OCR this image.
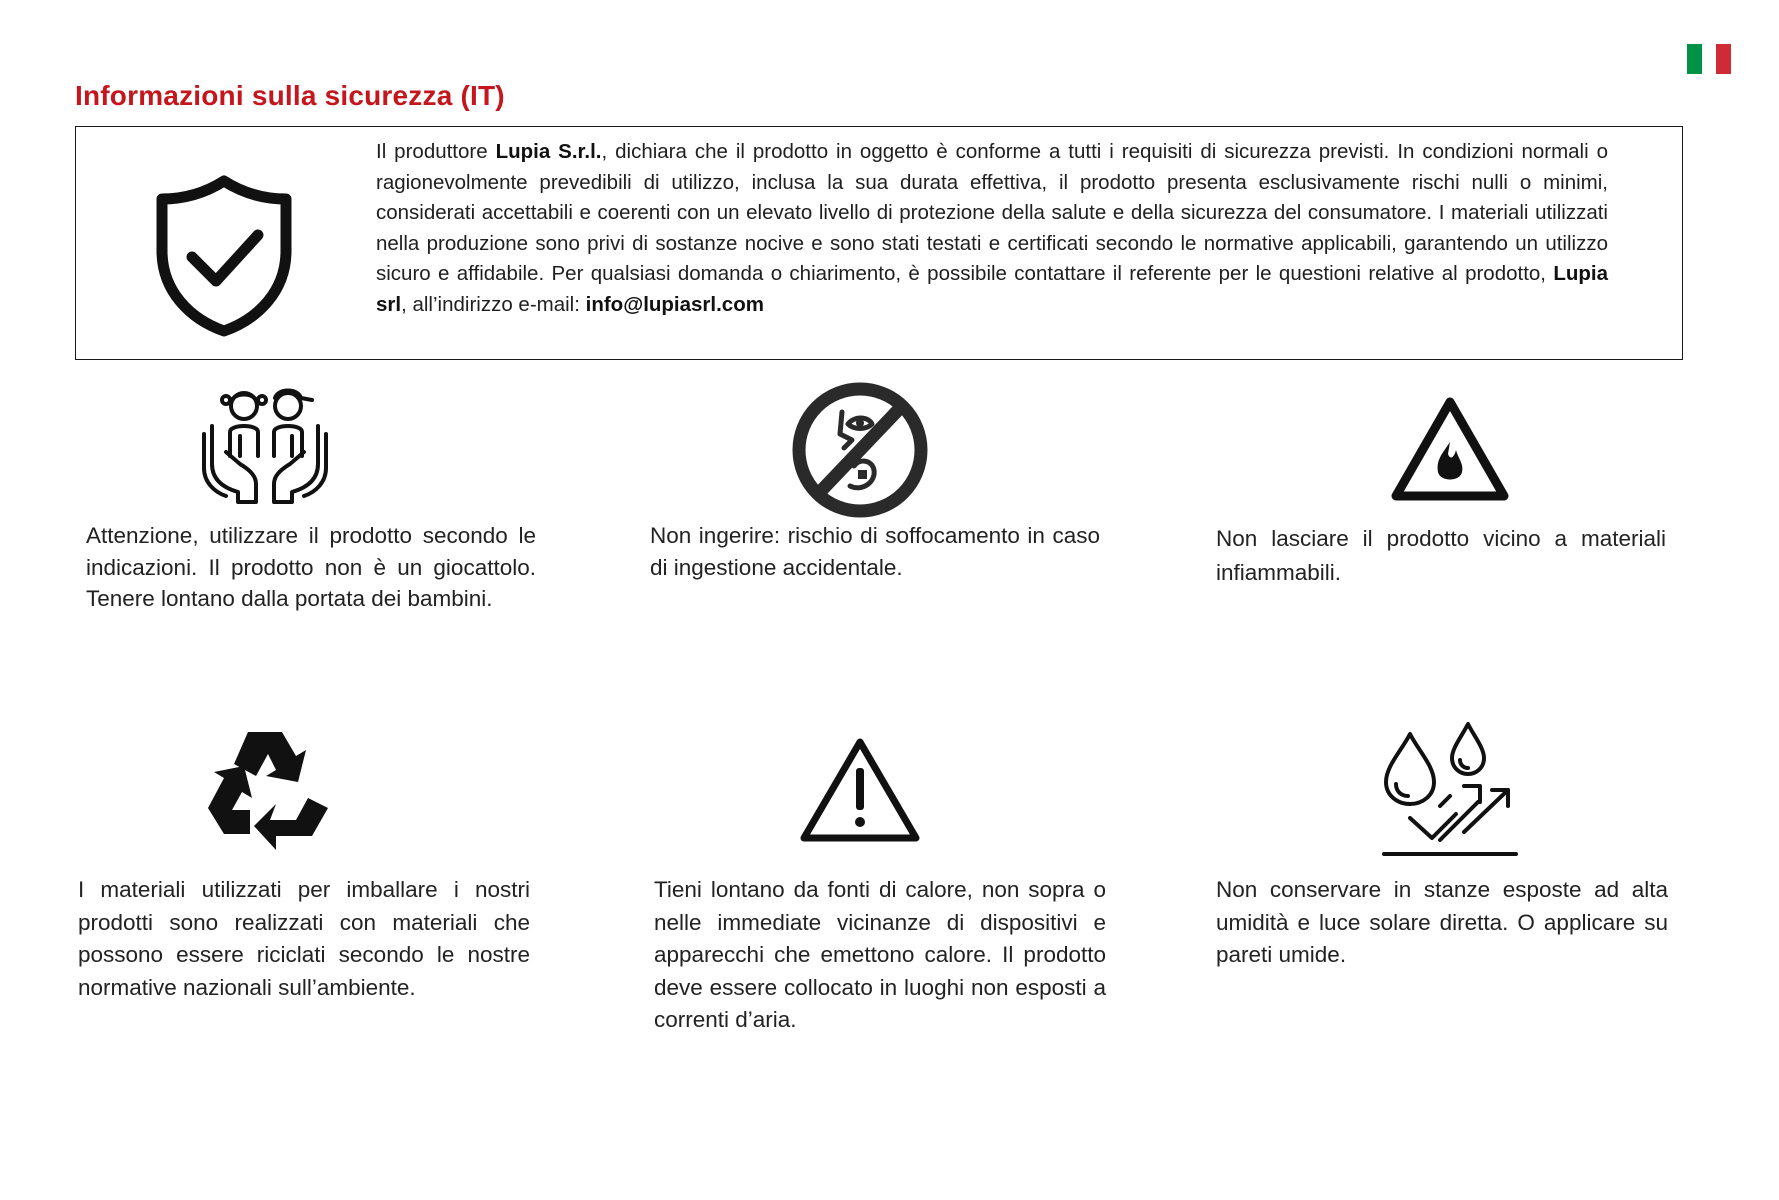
Informazioni sulla sicurezza (IT)

Il produttore Lupia S.r.l., dichiara che il prodotto in oggetto è conforme a tutti i requisiti di sicurezza previsti. In condizioni normali o ragionevolmente prevedibili di utilizzo, inclusa la sua durata effettiva, il prodotto presenta esclusivamente rischi nulli o minimi, considerati accettabili e coerenti con un elevato livello di protezione della salute e della sicurezza del consumatore. I materiali utilizzati nella produzione sono privi di sostanze nocive e sono stati testati e certificati secondo le normative applicabili, garantendo un utilizzo sicuro e affidabile. Per qualsiasi domanda o chiarimento, è possibile contattare il referente per le questioni relative al prodotto, Lupia srl, all’indirizzo e-mail: info@lupiasrl.com

Attenzione, utilizzare il prodotto secondo le indicazioni. Il prodotto non è un giocattolo. Tenere lontano dalla portata dei bambini.

Non ingerire: rischio di soffocamento in caso di ingestione accidentale.

Non lasciare il prodotto vicino a materiali infiammabili.

I materiali utilizzati per imballare i nostri prodotti sono realizzati con materiali che possono essere riciclati secondo le nostre normative nazionali sull’ambiente.

Tieni lontano da fonti di calore, non sopra o nelle immediate vicinanze di dispositivi e apparecchi che emettono calore. Il prodotto deve essere collocato in luoghi non esposti a correnti d’aria.

Non conservare in stanze esposte ad alta umidità e luce solare diretta. O applicare su pareti umide.
